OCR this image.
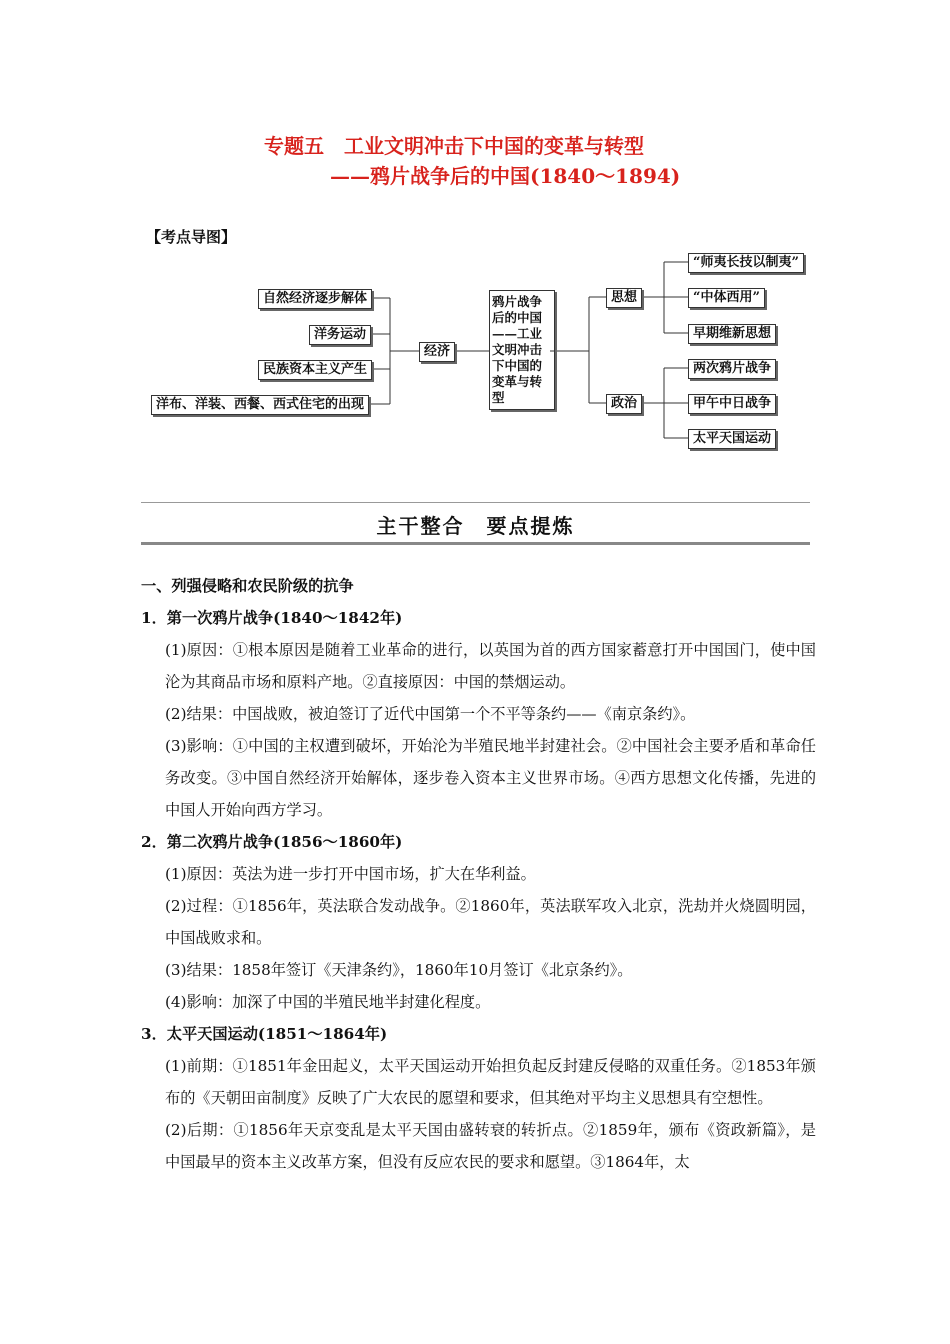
专题五　工业文明冲击下中国的变革与转型
——鸦片战争后的中国(1840～1894)
【考点导图】
自然经济逐步解体
洋务运动
民族资本主义产生
洋布、洋装、西餐、西式住宅的出现
经济
鸦片战争后的中国——工业文明冲击下中国的变革与转型
思想
政治
“师夷长技以制夷”
“中体西用”
早期维新思想
两次鸦片战争
甲午中日战争
太平天国运动
主干整合　要点提炼
一、列强侵略和农民阶级的抗争
1．第一次鸦片战争(1840～1842年)
(1)原因：①根本原因是随着工业革命的进行，以英国为首的西方国家蓄意打开中国国门，使中国沦为其商品市场和原料产地。②直接原因：中国的禁烟运动。
(2)结果：中国战败，被迫签订了近代中国第一个不平等条约——《南京条约》。
(3)影响：①中国的主权遭到破坏，开始沦为半殖民地半封建社会。②中国社会主要矛盾和革命任务改变。③中国自然经济开始解体，逐步卷入资本主义世界市场。④西方思想文化传播，先进的中国人开始向西方学习。
2．第二次鸦片战争(1856～1860年)
(1)原因：英法为进一步打开中国市场，扩大在华利益。
(2)过程：①1856年，英法联合发动战争。②1860年，英法联军攻入北京，洗劫并火烧圆明园，中国战败求和。
(3)结果：1858年签订《天津条约》，1860年10月签订《北京条约》。
(4)影响：加深了中国的半殖民地半封建化程度。
3．太平天国运动(1851～1864年)
(1)前期：①1851年金田起义，太平天国运动开始担负起反封建反侵略的双重任务。②1853年颁布的《天朝田亩制度》反映了广大农民的愿望和要求，但其绝对平均主义思想具有空想性。
(2)后期：①1856年天京变乱是太平天国由盛转衰的转折点。②1859年，颁布《资政新篇》，是中国最早的资本主义改革方案，但没有反应农民的要求和愿望。③1864年，太
